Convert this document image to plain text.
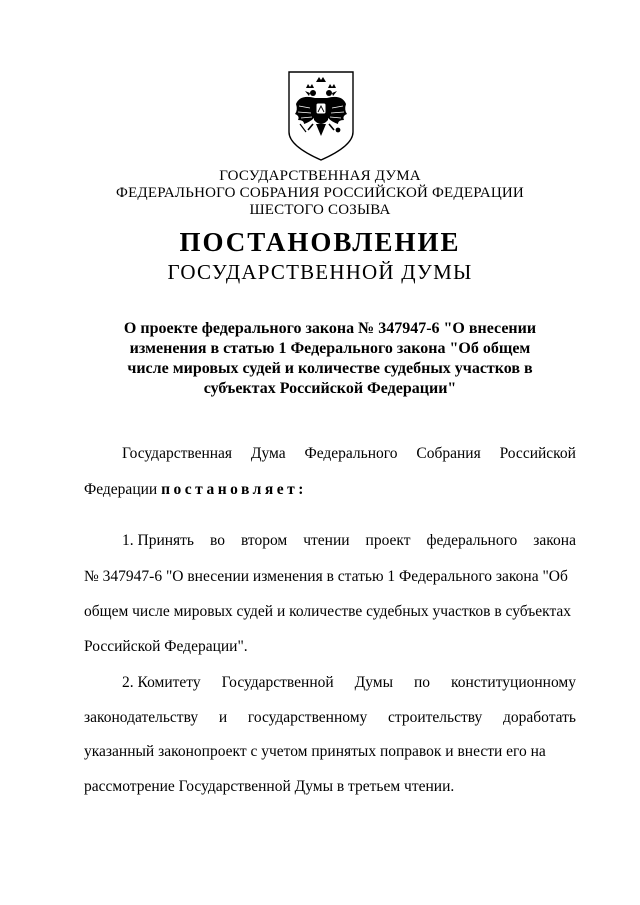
ГОСУДАРСТВЕННАЯ ДУМА
ФЕДЕРАЛЬНОГО СОБРАНИЯ РОССИЙСКОЙ ФЕДЕРАЦИИ
ШЕСТОГО СОЗЫВА
ПОСТАНОВЛЕНИЕ
ГОСУДАРСТВЕННОЙ ДУМЫ
О проекте федерального закона № 347947-6 "О внесении
изменения в статью 1 Федерального закона "Об общем
числе мировых судей и количестве судебных участков в
субъектах Российской Федерации"
Государственная Дума Федерального Собрания Российской
Федерации постановляет:
1. Принять во втором чтении проект федерального закона
№ 347947-6 "О внесении изменения в статью 1 Федерального закона "Об
общем числе мировых судей и количестве судебных участков в субъектах
Российской Федерации".
2. Комитету Государственной Думы по конституционному
законодательству и государственному строительству доработать
указанный законопроект с учетом принятых поправок и внести его на
рассмотрение Государственной Думы в третьем чтении.
